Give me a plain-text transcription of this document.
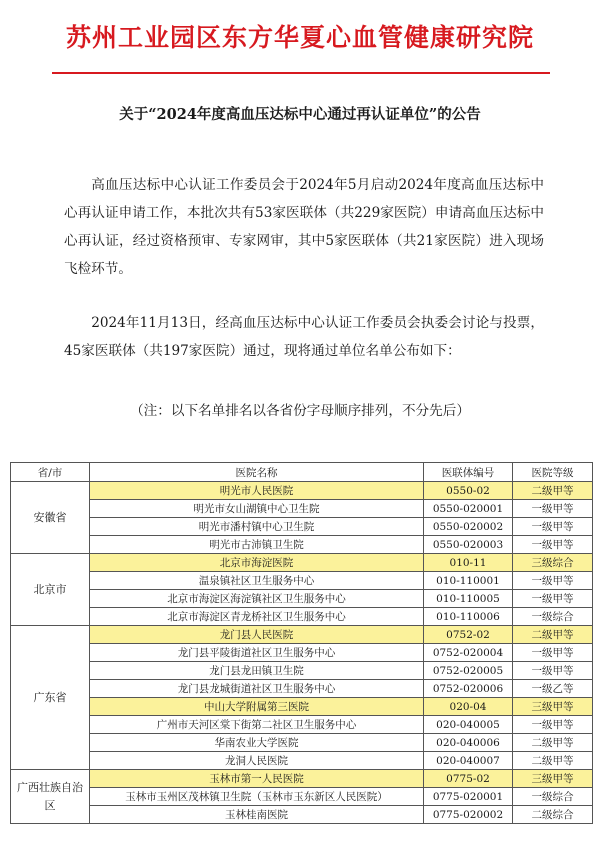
苏州工业园区东方华夏心血管健康研究院
关于“2024年度高血压达标中心通过再认证单位”的公告
高血压达标中心认证工作委员会于2024年5月启动2024年度高血压达标中心再认证申请工作，本批次共有53家医联体（共229家医院）申请高血压达标中心再认证，经过资格预审、专家网审，其中5家医联体（共21家医院）进入现场飞检环节。
2024年11月13日，经高血压达标中心认证工作委员会执委会讨论与投票，45家医联体（共197家医院）通过，现将通过单位名单公布如下：
（注：以下名单排名以各省份字母顺序排列，不分先后）
省/市	医院名称	医联体编号	医院等级
安徽省	明光市人民医院	0550-02	二级甲等
	明光市女山湖镇中心卫生院	0550-020001	一级甲等
	明光市潘村镇中心卫生院	0550-020002	一级甲等
	明光市古沛镇卫生院	0550-020003	一级甲等
北京市	北京市海淀医院	010-11	三级综合
	温泉镇社区卫生服务中心	010-110001	一级甲等
	北京市海淀区海淀镇社区卫生服务中心	010-110005	一级甲等
	北京市海淀区青龙桥社区卫生服务中心	010-110006	一级综合
广东省	龙门县人民医院	0752-02	二级甲等
	龙门县平陵街道社区卫生服务中心	0752-020004	一级甲等
	龙门县龙田镇卫生院	0752-020005	一级甲等
	龙门县龙城街道社区卫生服务中心	0752-020006	一级乙等
	中山大学附属第三医院	020-04	三级甲等
	广州市天河区棠下街第二社区卫生服务中心	020-040005	一级甲等
	华南农业大学医院	020-040006	二级甲等
	龙洞人民医院	020-040007	二级甲等
广西壮族自治区	玉林市第一人民医院	0775-02	三级甲等
	玉林市玉州区茂林镇卫生院（玉林市玉东新区人民医院）	0775-020001	一级综合
	玉林桂南医院	0775-020002	二级综合
